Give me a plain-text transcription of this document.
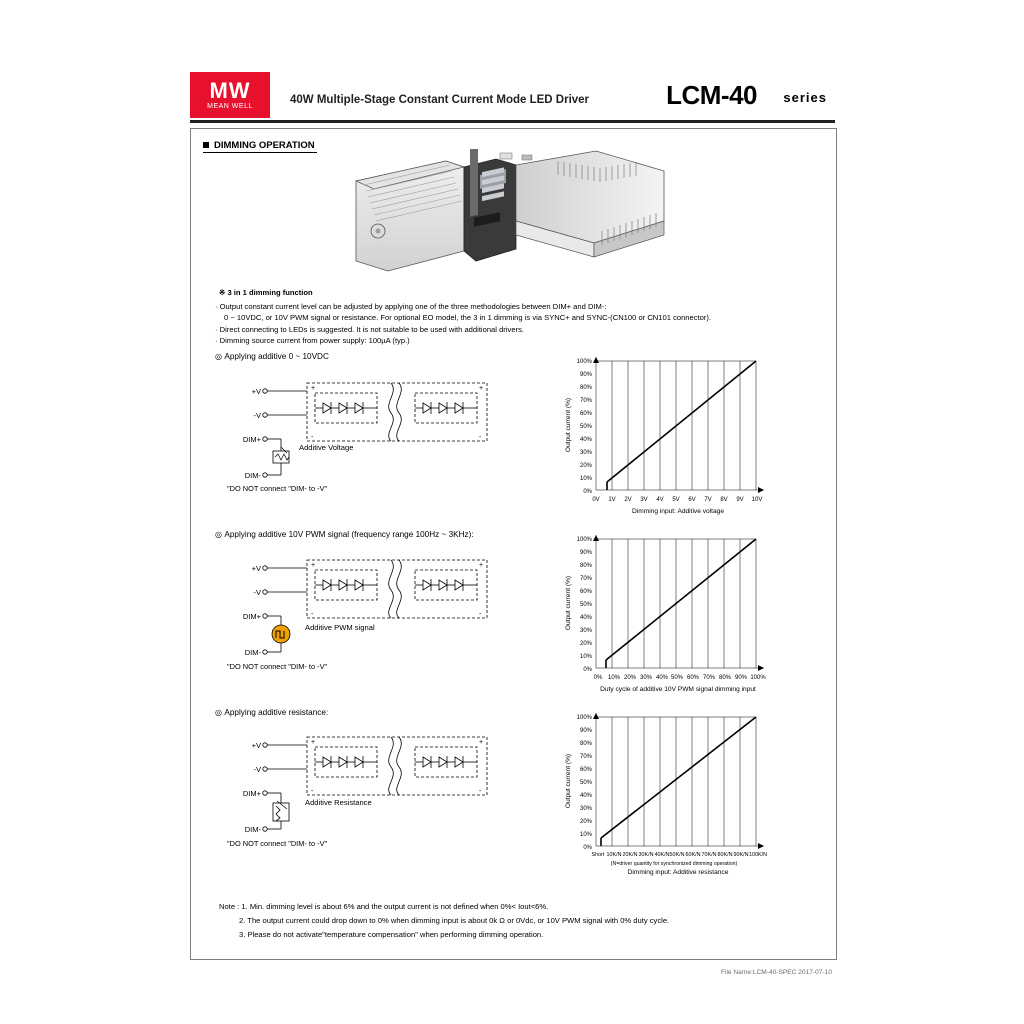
MW
MEAN WELL	40W Multiple-Stage Constant Current Mode LED Driver	LCM-40 series
DIMMING OPERATION
※ 3 in 1 dimming function
· Output constant current level can be adjusted by applying one of the three methodologies between DIM+ and DIM-:
0 ~ 10VDC, or 10V PWM signal or resistance. For optional EO model, the 3 in 1 dimming is via SYNC+ and SYNC-(CN100 or CN101 connector).
· Direct connecting to LEDs is suggested. It is not suitable to be used with additional drivers.
· Dimming source current from power supply: 100µA (typ.)
◎ Applying additive 0 ~ 10VDC
+V
-V
DIM+
DIM-
+	+
-	-
Additive Voltage
"DO NOT connect "DIM- to -V"
◎ Applying additive 10V PWM signal (frequency range 100Hz ~ 3KHz):
+V
-V
DIM+
DIM-
+	+
-	-
Additive PWM signal
"DO NOT connect "DIM- to -V"
◎ Applying additive resistance:
+V
-V
DIM+
DIM-
+	+
-	-
Additive Resistance
"DO NOT connect "DIM- to -V"
100%
90%
80%
70%
60%
50%
40%
30%
20%
10%
0%
0V 1V 2V 3V 4V 5V 6V 7V 8V 9V 10V
Dimming input: Additive voltage
Output current (%)
100%
90%
80%
70%
60%
50%
40%
30%
20%
10%
0%
0% 10% 20% 30% 40% 50% 60% 70% 80% 90% 100%
Duty cycle of additive 10V PWM signal dimming input
Output current (%)
100%
90%
80%
70%
60%
50%
40%
30%
20%
10%
0%
Short 10K/N 20K/N 30K/N 40K/N 50K/N 60K/N 70K/N 80K/N 90K/N 100K/N
(N=driver quantity for synchronized dimming operation)
Dimming input: Additive resistance
Output current (%)
Note : 1. Min. dimming level is about 6% and the output current is not defined when 0%< Iout<6%.
2. The output current could drop down to 0% when dimming input is about 0k Ω or 0Vdc, or 10V PWM signal with 0% duty cycle.
3. Please do not activate"temperature compensation" when performing dimming operation.
File Name:LCM-40-SPEC 2017-07-10
